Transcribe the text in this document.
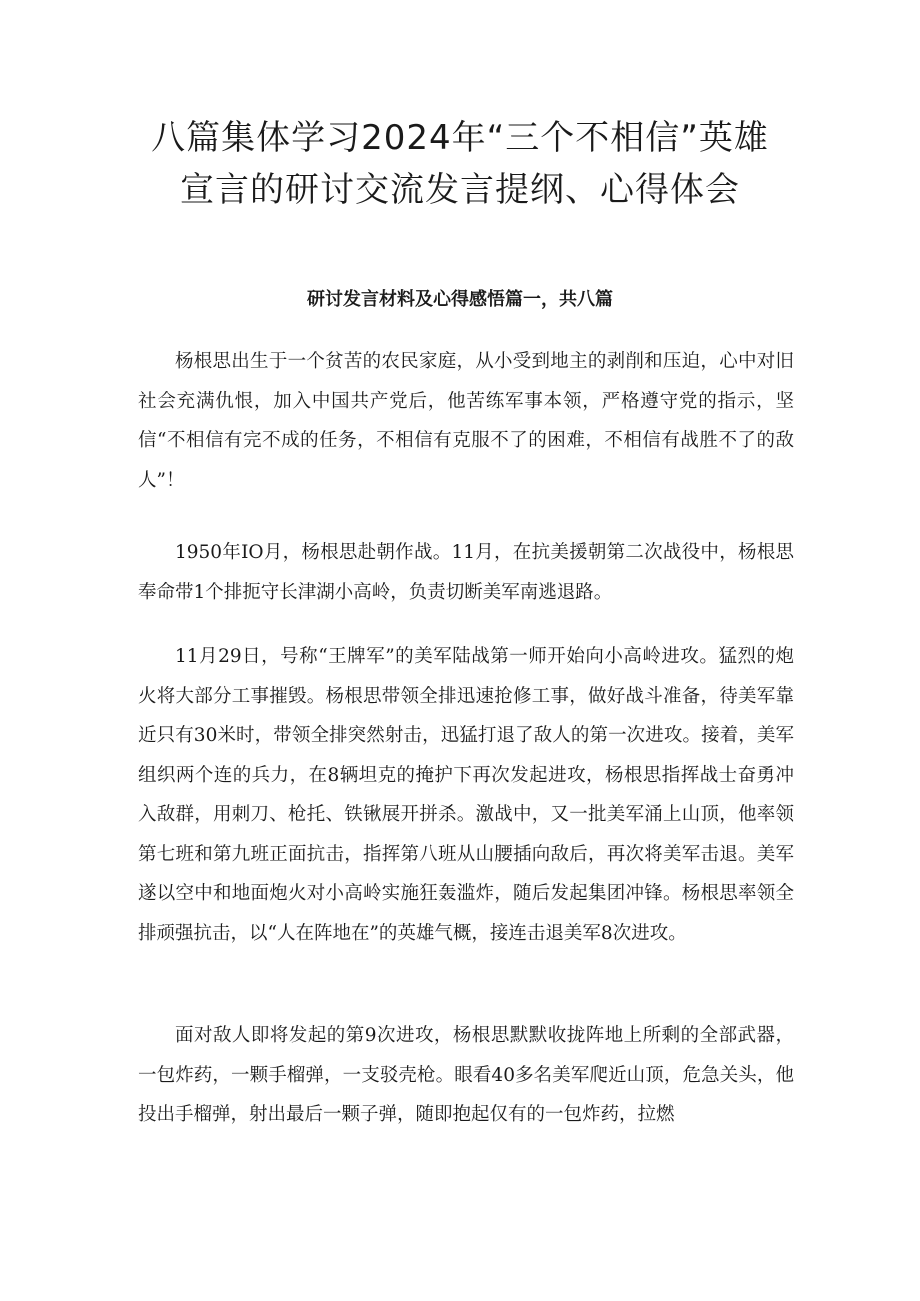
八篇集体学习2024年“三个不相信”英雄
宣言的研讨交流发言提纲、心得体会
研讨发言材料及心得感悟篇一，共八篇

杨根思出生于一个贫苦的农民家庭，从小受到地主的剥削和压迫，心中对旧社会充满仇恨，加入中国共产党后，他苦练军事本领，严格遵守党的指示，坚信“不相信有完不成的任务，不相信有克服不了的困难，不相信有战胜不了的敌人”！

1950年IO月，杨根思赴朝作战。11月，在抗美援朝第二次战役中，杨根思奉命带1个排扼守长津湖小高岭，负责切断美军南逃退路。

11月29日，号称“王牌军”的美军陆战第一师开始向小高岭进攻。猛烈的炮火将大部分工事摧毁。杨根思带领全排迅速抢修工事，做好战斗准备，待美军靠近只有30米时，带领全排突然射击，迅猛打退了敌人的第一次进攻。接着，美军组织两个连的兵力，在8辆坦克的掩护下再次发起进攻，杨根思指挥战士奋勇冲入敌群，用刺刀、枪托、铁锹展开拼杀。激战中，又一批美军涌上山顶，他率领第七班和第九班正面抗击，指挥第八班从山腰插向敌后，再次将美军击退。美军遂以空中和地面炮火对小高岭实施狂轰滥炸，随后发起集团冲锋。杨根思率领全排顽强抗击，以“人在阵地在”的英雄气概，接连击退美军8次进攻。

面对敌人即将发起的第9次进攻，杨根思默默收拢阵地上所剩的全部武器，一包炸药，一颗手榴弹，一支驳壳枪。眼看40多名美军爬近山顶，危急关头，他投出手榴弹，射出最后一颗子弹，随即抱起仅有的一包炸药，拉燃
